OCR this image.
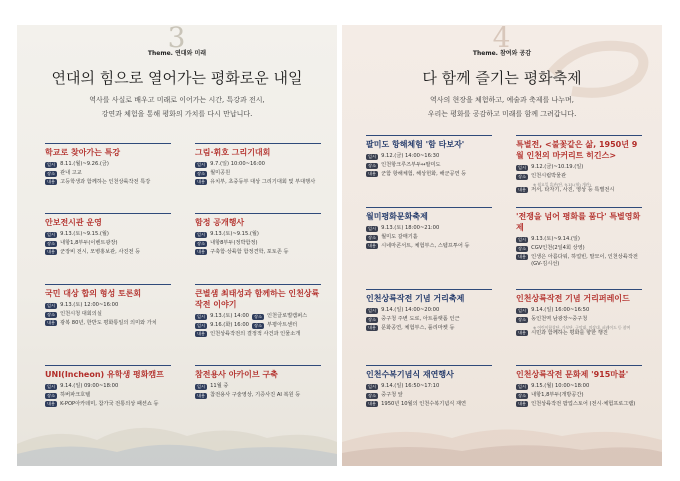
3
Theme. 연대와 미래
연대의 힘으로 열어가는 평화로운 내일
역사를 사실로 배우고 미래로 이어가는 시간, 특강과 전시,
강연과 체험을 통해 평화의 가치를 다시 만납니다.
학교로 찾아가는 특강
일시 8.11.(월)~9.26.(금)
장소 관내 고교
내용 고등학생과 함께하는 인천상륙작전 특강
그림·휘호 그리기대회
일시 9.7.(일) 10:00~16:00
장소 월미공원
내용 유치부, 초중등부 대상 그리기대회 및 부대행사
안보전시관 운영
일시 9.13.(토)~9.15.(월)
장소 내항1,8부두(이벤트광장)
내용 군장비 전시, 모병홍보관, 사진전 등
함정 공개행사
일시 9.13.(토)~9.15.(월)
장소 내항8부두(정박함정)
내용 구축함·상륙함 함정견학, 포토존 등
국민 대상 합의 형성 토론회
일시 9.13.(토) 12:00~16:00
장소 인천시청 대회의실
내용 광복 80년, 한반도 평화통일의 의미와 가치
큰별샘 최태성과 함께하는 인천상륙작전 이야기
일시 9.13.(토) 14:00	장소 인천글로벌캠퍼스
일시 9.16.(화) 16:00	장소 부평아트센터
내용 인천상륙작전의 결정적 사건과 인물소개
UNI(Incheon) 유학생 평화캠프
일시 9.14.(일) 09:00~18:00
장소 하버파크호텔
내용 K-POP아카데미, 참가국 전통의상 패션쇼 등
참전용사 아카이브 구축
일시 11월 중
내용 참전용사 구술영상, 기증사진 AI 복원 등
4
Theme. 참여와 공감
다 함께 즐기는 평화축제
역사의 현장을 체험하고, 예술과 축제를 나누며,
우리는 평화를 공감하고 미래를 함께 그려갑니다.
팔미도 항해체험 '함 타보자'
일시 9.12.(금) 14:00~16:30
장소 인천항크루즈부두↔팔미도
내용 군함 항해체험, 해상헌화, 해군공연 등
특별전, <불꽃같은 삶, 1950년 9월 인천의 마커리트 히긴스>
일시 9.12.(금)~10.19.(일)
장소 인천시립박물관
※ 월요일 휴관(단, 9.15.(월) 개관)
내용 저서, 타자기, 사진, 영상 등 특별전시
월미평화문화축제
일시 9.13.(토) 18:00~21:00
장소 월미도 갈매기홀
내용 시네마콘서트, 체험부스, 스템프투어 등
'전쟁을 넘어 평화를 품다' 특별영화제
일시 9.13.(토)~9.14.(일)
장소 CGV인천(2일4회 상영)
내용 인생은 아름다워, 하얼빈, 말모이, 인천상륙작전(GV-김시선)
인천상륙작전 기념 거리축제
일시 9.14.(일) 14:00~20:00
장소 중구청 주변 도로, 아트플랫폼 인근
내용 문화공연, 체험부스, 플리마켓 등
인천상륙작전 기념 거리퍼레이드
일시 9.14.(일) 16:00~16:50
장소 동인천역 남광장~중구청
※ 어린이합창단, 가보단, 군악대, 의장대, 퍼레이드 등 참여
내용 시민과 함께하는 평화를 향한 행진
인천수복기념식 재연행사
일시 9.14.(일) 16:50~17:10
장소 중구청 앞
내용 1950년 10월의 인천수복기념식 재연
인천상륙작전 문화제 '915마블'
일시 9.15.(월) 10:00~18:00
장소 내항1,8부두(개방공간)
내용 인천상륙작전 팝업스토어 (전시·체험프로그램)
